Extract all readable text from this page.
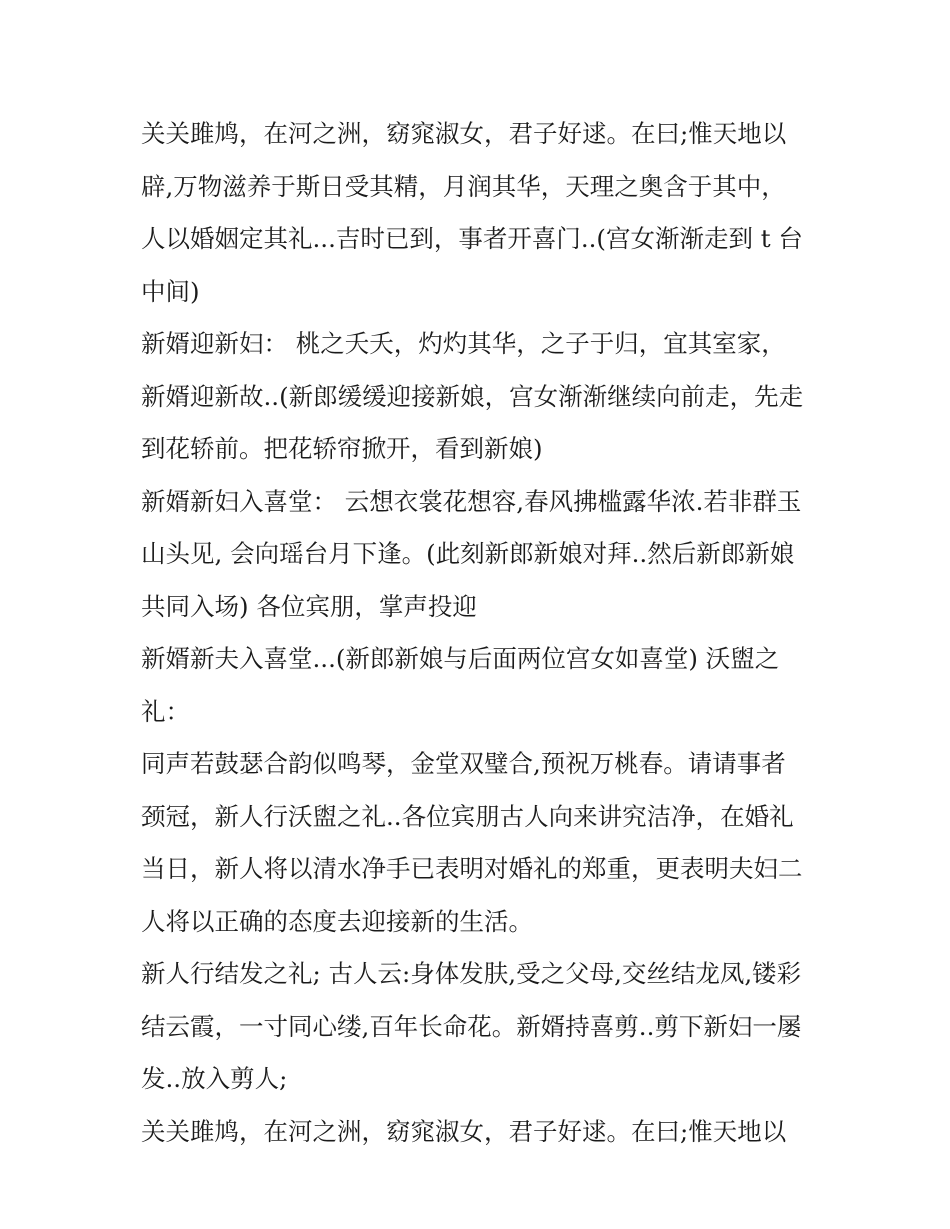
关关雎鸠，在河之洲，窈窕淑女，君子好逑。在曰;惟天地以
辟,万物滋养于斯日受其精，月润其华，天理之奥含于其中，
人以婚姻定其礼...吉时已到，事者开喜门..(宫女渐渐走到 t 台
中间)
新婿迎新妇： 桃之夭夭，灼灼其华，之子于归，宜其室家，
新婿迎新故..(新郎缓缓迎接新娘，宫女渐渐继续向前走，先走
到花轿前。把花轿帘掀开，看到新娘)
新婿新妇入喜堂： 云想衣裳花想容,春风拂槛露华浓.若非群玉
山头见, 会向瑶台月下逢。(此刻新郎新娘对拜..然后新郎新娘
共同入场) 各位宾朋，掌声投迎
新婿新夫入喜堂...(新郎新娘与后面两位宫女如喜堂) 沃盥之
礼：
同声若鼓瑟合韵似鸣琴，金堂双璧合,预祝万桃春。请请事者
颈冠，新人行沃盥之礼..各位宾朋古人向来讲究洁净，在婚礼
当日，新人将以清水净手已表明对婚礼的郑重，更表明夫妇二
人将以正确的态度去迎接新的生活。
新人行结发之礼; 古人云:身体发肤,受之父母,交丝结龙凤,镂彩
结云霞，一寸同心缕,百年长命花。新婿持喜剪..剪下新妇一屡
发..放入剪人;
关关雎鸠，在河之洲，窈窕淑女，君子好逑。在曰;惟天地以
